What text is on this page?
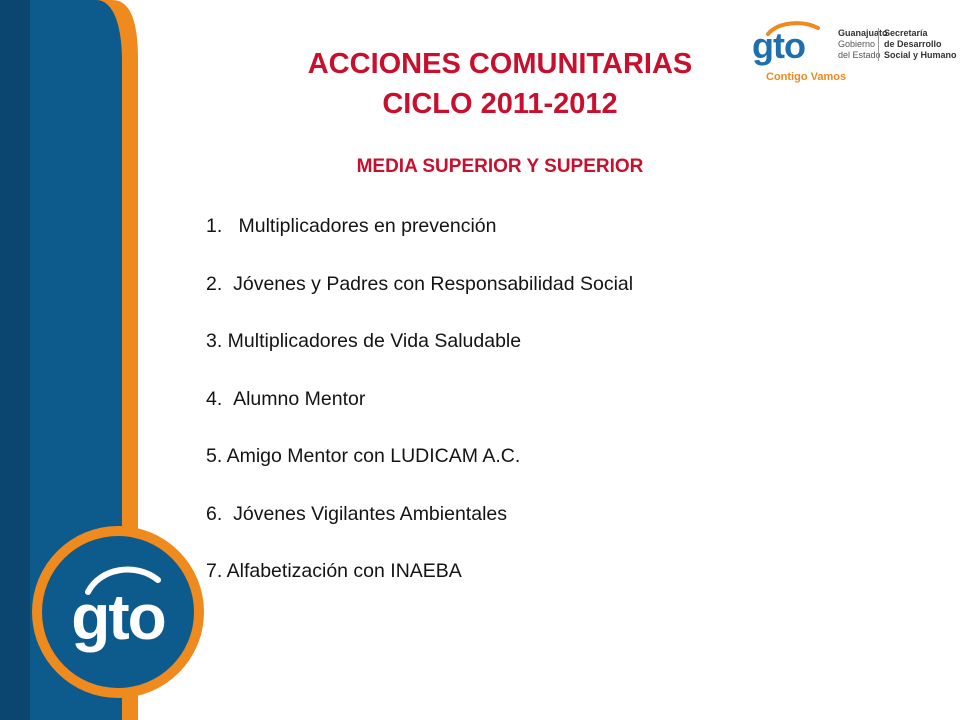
gto
gto	Guanajuato
Gobierno
del Estado
Secretaría
de Desarrollo
Social y Humano
Contigo Vamos
ACCIONES COMUNITARIAS
CICLO 2011-2012
MEDIA SUPERIOR Y SUPERIOR
1.   Multiplicadores en prevención
2.  Jóvenes y Padres con Responsabilidad Social
3. Multiplicadores de Vida Saludable
4.  Alumno Mentor
5. Amigo Mentor con LUDICAM A.C.
6.  Jóvenes Vigilantes Ambientales
7. Alfabetización con INAEBA
